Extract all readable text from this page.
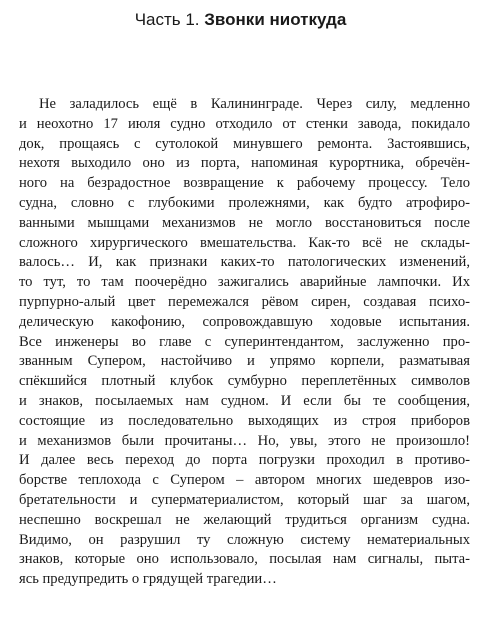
Часть 1. Звонки ниоткуда
Не заладилось ещё в Калининграде. Через силу, медленно
и неохотно 17 июля судно отходило от стенки завода, покидало
док, прощаясь с сутолокой минувшего ремонта. Застоявшись,
нехотя выходило оно из порта, напоминая курортника, обречён-
ного на безрадостное возвращение к рабочему процессу. Тело
судна, словно с глубокими пролежнями, как будто атрофиро-
ванными мышцами механизмов не могло восстановиться после
сложного хирургического вмешательства. Как-то всё не склады-
валось… И, как признаки каких-то патологических изменений,
то тут, то там поочерёдно зажигались аварийные лампочки. Их
пурпурно-алый цвет перемежался рёвом сирен, создавая психо-
делическую какофонию, сопровождавшую ходовые испытания.
Все инженеры во главе с суперинтендантом, заслуженно про-
званным Супером, настойчиво и упрямо корпели, разматывая
спёкшийся плотный клубок сумбурно переплетённых символов
и знаков, посылаемых нам судном. И если бы те сообщения,
состоящие из последовательно выходящих из строя приборов
и механизмов были прочитаны… Но, увы, этого не произошло!
И далее весь переход до порта погрузки проходил в противо-
борстве теплохода с Супером – автором многих шедевров изо-
бретательности и суперматериалистом, который шаг за шагом,
неспешно воскрешал не желающий трудиться организм судна.
Видимо, он разрушил ту сложную систему нематериальных
знаков, которые оно использовало, посылая нам сигналы, пыта-
ясь предупредить о грядущей трагедии…
